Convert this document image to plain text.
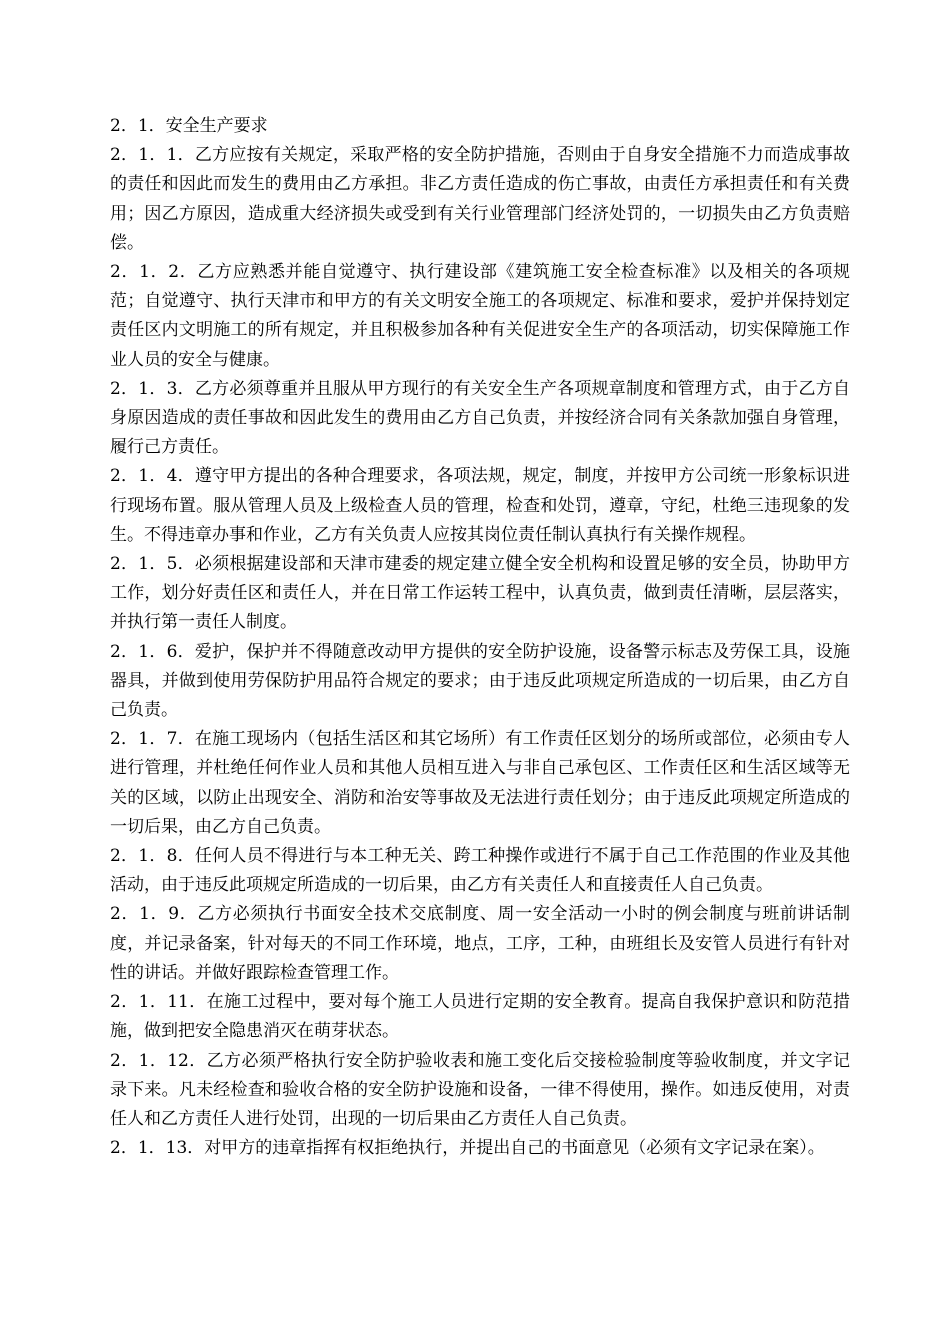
2．1．安全生产要求

2．1．1．乙方应按有关规定，采取严格的安全防护措施，否则由于自身安全措施不力而造成事故的责任和因此而发生的费用由乙方承担。非乙方责任造成的伤亡事故，由责任方承担责任和有关费用；因乙方原因，造成重大经济损失或受到有关行业管理部门经济处罚的，一切损失由乙方负责赔偿。

2．1．2．乙方应熟悉并能自觉遵守、执行建设部《建筑施工安全检查标准》以及相关的各项规范；自觉遵守、执行天津市和甲方的有关文明安全施工的各项规定、标准和要求，爱护并保持划定责任区内文明施工的所有规定，并且积极参加各种有关促进安全生产的各项活动，切实保障施工作业人员的安全与健康。

2．1．3．乙方必须尊重并且服从甲方现行的有关安全生产各项规章制度和管理方式，由于乙方自身原因造成的责任事故和因此发生的费用由乙方自己负责，并按经济合同有关条款加强自身管理，履行己方责任。

2．1．4．遵守甲方提出的各种合理要求，各项法规，规定，制度，并按甲方公司统一形象标识进行现场布置。服从管理人员及上级检查人员的管理，检查和处罚，遵章，守纪，杜绝三违现象的发生。不得违章办事和作业，乙方有关负责人应按其岗位责任制认真执行有关操作规程。

2．1．5．必须根据建设部和天津市建委的规定建立健全安全机构和设置足够的安全员，协助甲方工作，划分好责任区和责任人，并在日常工作运转工程中，认真负责，做到责任清晰，层层落实，并执行第一责任人制度。

2．1．6．爱护，保护并不得随意改动甲方提供的安全防护设施，设备警示标志及劳保工具，设施器具，并做到使用劳保防护用品符合规定的要求；由于违反此项规定所造成的一切后果，由乙方自己负责。

2．1．7．在施工现场内（包括生活区和其它场所）有工作责任区划分的场所或部位，必须由专人进行管理，并杜绝任何作业人员和其他人员相互进入与非自己承包区、工作责任区和生活区域等无关的区域，以防止出现安全、消防和治安等事故及无法进行责任划分；由于违反此项规定所造成的一切后果，由乙方自己负责。

2．1．8．任何人员不得进行与本工种无关、跨工种操作或进行不属于自己工作范围的作业及其他活动，由于违反此项规定所造成的一切后果，由乙方有关责任人和直接责任人自己负责。

2．1．9．乙方必须执行书面安全技术交底制度、周一安全活动一小时的例会制度与班前讲话制度，并记录备案，针对每天的不同工作环境，地点，工序，工种，由班组长及安管人员进行有针对性的讲话。并做好跟踪检查管理工作。

2．1．11．在施工过程中，要对每个施工人员进行定期的安全教育。提高自我保护意识和防范措施，做到把安全隐患消灭在萌芽状态。

2．1．12．乙方必须严格执行安全防护验收表和施工变化后交接检验制度等验收制度，并文字记录下来。凡未经检查和验收合格的安全防护设施和设备，一律不得使用，操作。如违反使用，对责任人和乙方责任人进行处罚，出现的一切后果由乙方责任人自己负责。

2．1．13．对甲方的违章指挥有权拒绝执行，并提出自己的书面意见（必须有文字记录在案）。
